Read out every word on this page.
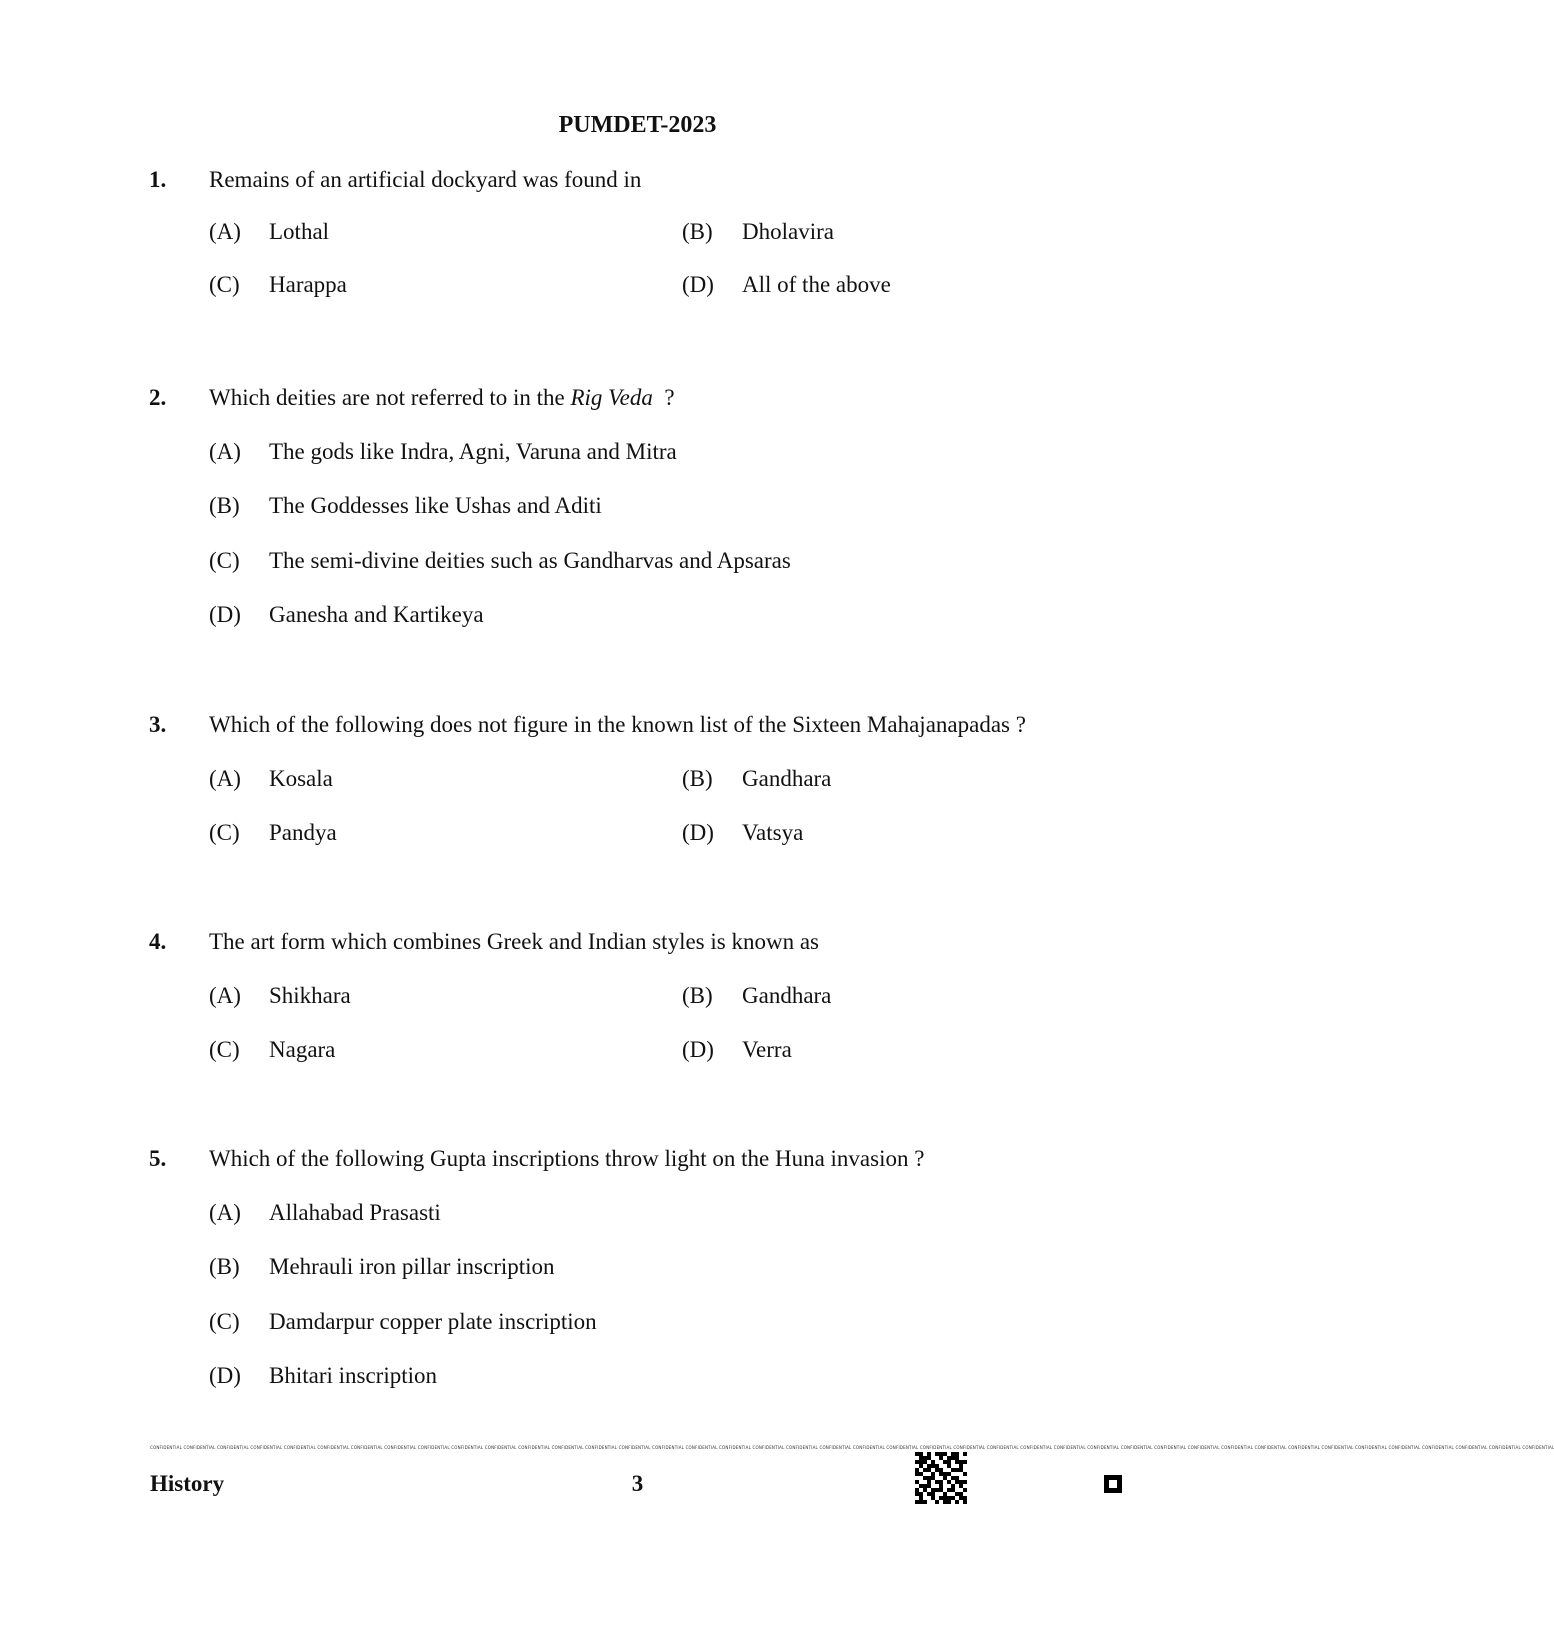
PUMDET-2023
1. Remains of an artificial dockyard was found in
(A) Lothal	(B) Dholavira
(C) Harappa	(D) All of the above
2. Which deities are not referred to in the Rig Veda  ?
(A) The gods like Indra, Agni, Varuna and Mitra
(B) The Goddesses like Ushas and Aditi
(C) The semi-divine deities such as Gandharvas and Apsaras
(D) Ganesha and Kartikeya
3. Which of the following does not figure in the known list of the Sixteen Mahajanapadas ?
(A) Kosala	(B) Gandhara
(C) Pandya	(D) Vatsya
4. The art form which combines Greek and Indian styles is known as
(A) Shikhara	(B) Gandhara
(C) Nagara	(D) Verra
5. Which of the following Gupta inscriptions throw light on the Huna invasion ?
(A) Allahabad Prasasti
(B) Mehrauli iron pillar inscription
(C) Damdarpur copper plate inscription
(D) Bhitari inscription
CONFIDENTIAL CONFIDENTIAL CONFIDENTIAL CONFIDENTIAL CONFIDENTIAL CONFIDENTIAL CONFIDENTIAL CONFIDENTIAL CONFIDENTIAL CONFIDENTIAL CONFIDENTIAL CONFIDENTIAL CONFIDENTIAL CONFIDENTIAL CONFIDENTIAL CONFIDENTIAL CONFIDENTIAL CONFIDENTIAL CONFIDENTIAL CONFIDENTIAL CONFIDENTIAL CONFIDENTIAL CONFIDENTIAL CONFIDENTIAL CONFIDENTIAL CONFIDENTIAL CONFIDENTIAL CONFIDENTIAL CONFIDENTIAL CONFIDENTIAL CONFIDENTIAL CONFIDENTIAL CONFIDENTIAL CONFIDENTIAL CONFIDENTIAL CONFIDENTIAL CONFIDENTIAL CONFIDENTIAL CONFIDENTIAL CONFIDENTIAL CONFIDENTIAL CONFIDENTIAL
History	3
